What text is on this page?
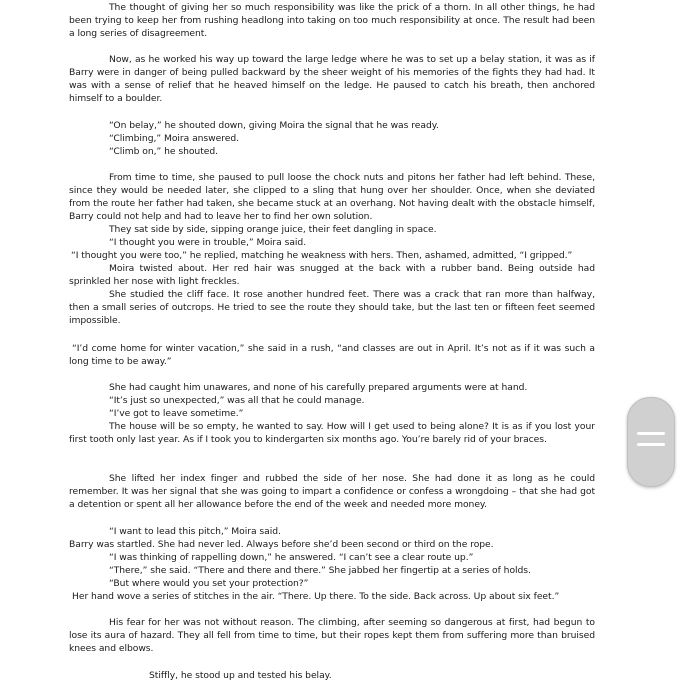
The thought of giving her so much responsibility was like the prick of a thorn. In all other things, he had been trying to keep her from rushing headlong into taking on too much responsibility at once. The result had been a long series of disagreement.

Now, as he worked his way up toward the large ledge where he was to set up a belay station, it was as if Barry were in danger of being pulled backward by the sheer weight of his memories of the fights they had had. It was with a sense of relief that he heaved himself on the ledge. He paused to catch his breath, then anchored himself to a boulder.

“On belay,” he shouted down, giving Moira the signal that he was ready.

“Climbing,” Moira answered.

“Climb on,” he shouted.

From time to time, she paused to pull loose the chock nuts and pitons her father had left behind. These, since they would be needed later, she clipped to a sling that hung over her shoulder. Once, when she deviated from the route her father had taken, she became stuck at an overhang. Not having dealt with the obstacle himself, Barry could not help and had to leave her to find her own solution.

They sat side by side, sipping orange juice, their feet dangling in space.

“I thought you were in trouble,” Moira said.

“I thought you were too,” he replied, matching he weakness with hers. Then, ashamed, admitted, “I gripped.”

Moira twisted about. Her red hair was snugged at the back with a rubber band. Being outside had sprinkled her nose with light freckles.

She studied the cliff face. It rose another hundred feet. There was a crack that ran more than halfway, then a small series of outcrops. He tried to see the route they should take, but the last ten or fifteen feet seemed impossible.

“I’d come home for winter vacation,” she said in a rush, “and classes are out in April. It’s not as if it was such a long time to be away.”

She had caught him unawares, and none of his carefully prepared arguments were at hand.

“It’s just so unexpected,” was all that he could manage.

“I’ve got to leave sometime.”

The house will be so empty, he wanted to say. How will I get used to being alone? It is as if you lost your first tooth only last year. As if I took you to kindergarten six months ago. You’re barely rid of your braces.

She lifted her index finger and rubbed the side of her nose. She had done it as long as he could remember. It was her signal that she was going to impart a confidence or confess a wrongdoing – that she had got a detention or spent all her allowance before the end of the week and needed more money.

“I want to lead this pitch,” Moira said.

Barry was startled. She had never led. Always before she’d been second or third on the rope.

“I was thinking of rappelling down,” he answered. “I can’t see a clear route up.”

“There,” she said. “There and there and there.” She jabbed her fingertip at a series of holds.

“But where would you set your protection?”

Her hand wove a series of stitches in the air. “There. Up there. To the side. Back across. Up about six feet.”

His fear for her was not without reason. The climbing, after seeming so dangerous at first, had begun to lose its aura of hazard. They all fell from time to time, but their ropes kept them from suffering more than bruised knees and elbows.

Stiffly, he stood up and tested his belay.
